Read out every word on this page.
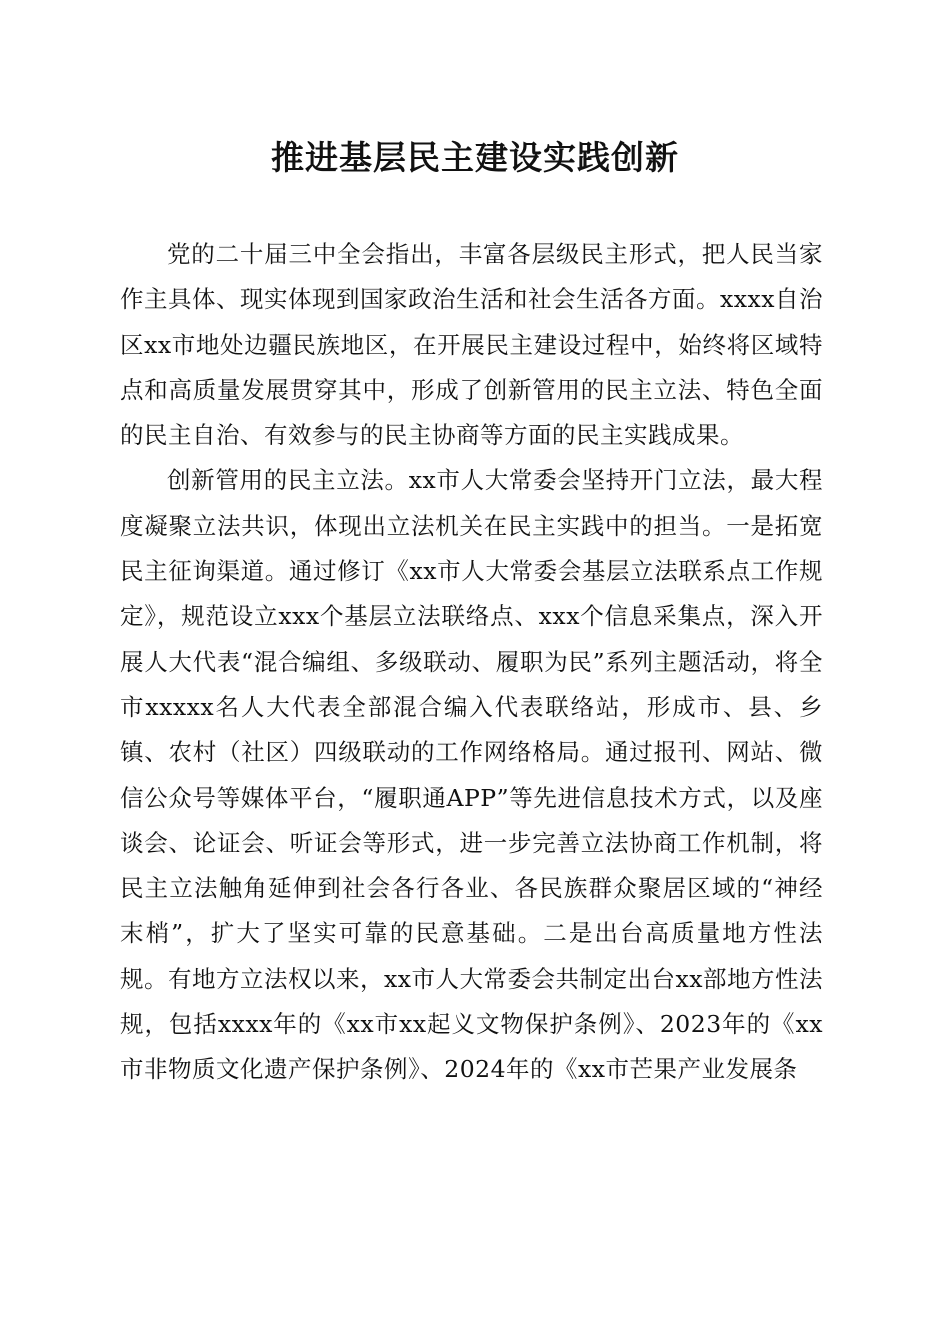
推进基层民主建设实践创新

党的二十届三中全会指出，丰富各层级民主形式，把人民当家作主具体、现实体现到国家政治生活和社会生活各方面。xxxx自治区xx市地处边疆民族地区，在开展民主建设过程中，始终将区域特点和高质量发展贯穿其中，形成了创新管用的民主立法、特色全面的民主自治、有效参与的民主协商等方面的民主实践成果。

创新管用的民主立法。xx市人大常委会坚持开门立法，最大程度凝聚立法共识，体现出立法机关在民主实践中的担当。一是拓宽民主征询渠道。通过修订《xx市人大常委会基层立法联系点工作规定》，规范设立xxx个基层立法联络点、xxx个信息采集点，深入开展人大代表“混合编组、多级联动、履职为民”系列主题活动，将全市xxxxx名人大代表全部混合编入代表联络站，形成市、县、乡镇、农村（社区）四级联动的工作网络格局。通过报刊、网站、微信公众号等媒体平台，“履职通APP”等先进信息技术方式，以及座谈会、论证会、听证会等形式，进一步完善立法协商工作机制，将民主立法触角延伸到社会各行各业、各民族群众聚居区域的“神经末梢”，扩大了坚实可靠的民意基础。二是出台高质量地方性法规。有地方立法权以来，xx市人大常委会共制定出台xx部地方性法规，包括xxxx年的《xx市xx起义文物保护条例》、2023年的《xx市非物质文化遗产保护条例》、2024年的《xx市芒果产业发展条
